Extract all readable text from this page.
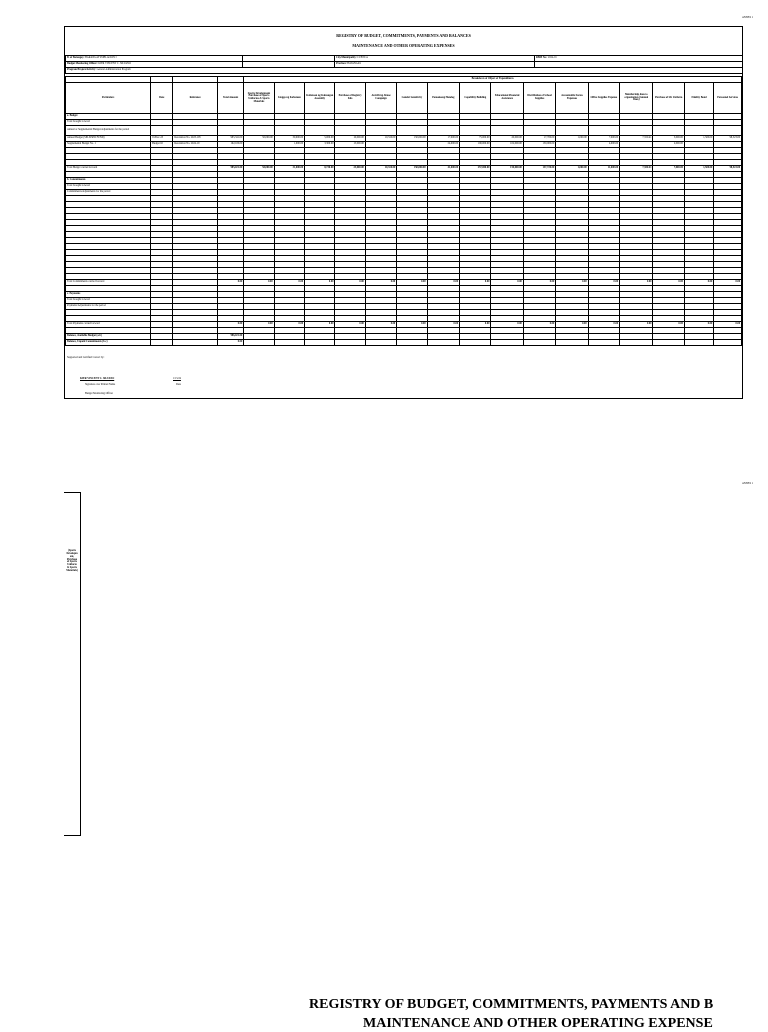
ANNEX 1
REGISTRY OF BUDGET, COMMITMENTS, PAYMENTS AND BALANCES
MAINTENANCE AND OTHER OPERATING EXPENSES
B. of Barangay: BARANGAY POBLACION I		City/Municipality: CUENCA	RBM No.: 2024-01
Budget Monitoring Officer: KIER VINCENT C. SILVANO		Province: BATANGAS	
Program/Project/Activity: General Administration Program			
				Breakdown of Object of Expenditures															
Particulars	Date	Reference	Total Amount	Sports Development Purchase of Sports Uniforms & Sports Materials	Linggo ng Kabataan	Kabataan ng Kalusugan Assembly	Purchase of Registry Kits	Anti-Drug Abuse Campaign	Gender Sensitivity	Pamaskong Handog	Capability Building	Educational Financial Assistance	Distribution of School Supplies	Accountable Forms Expenses	Office Supplies Expense	Membership dues to organization (Annual Dues)	Purchase of SK Uniform	Fidelity Bond	Personnel Services
a. Budget																			
Total brought forward																			
Annual or Supplemental Budget/Adjustments for the period																			
Annual Budget (SPLISSED FUND)	01/Dec-23	Resolution No. 2023-195	985,341.00	50,000.00	30,000.00	5,000.00	10,000.00	10,310.00	150,000.00	17,000.00	75,000.00	20,000.00	17,700.00	1,000.00	7,000.00	7,550.41	5,000.00	1,500.00	98,523.00
Supplemental Budget No. 1	Budget 02	Resolution No. 2024-19	192,100.00		1,000.00	3,300.00	15,000.00			24,000.00	100,000.00	102,000.00	150,000.00		4,000.00		2,000.00		

Total Budget carried forward			985,021.00	50,000.00	31,000.00	8,730.00	25,000.00	10,310.00	150,000.00	41,000.00	257,000.00	150,000.00	137,720.00	1,000.00	11,000.00	7,550.41	7,000.00	1,500.00	98,523.00

b. Commitments																			
Total brought forward																			
Commitments/Adjustments for the period																			

Total Commitments carried forward			0.00	0.00	0.00	0.00	0.00	0.00	0.00	0.00	0.00	0.00	0.00	0.00	0.00	0.00	0.00	0.00	0.00

c. Payments																			
Total brought forward																			
Payments/Adjustments for the period																			

Total Payments carried forward			0.00	0.00	0.00	0.00	0.00	0.00	0.00	0.00	0.00	0.00	0.00	0.00	0.00	0.00	0.00	0.00	0.00

Balance, Available Budget (a-b)			986,021.00																
Balance, Unpaid Commitments (b-c)			0.00																
Supported and Certified Correct by:
KIER VINCENT C. SILVANO
Signature over Printed Name
Budget Monitoring Officer
1/15/24
Date
ANNEX 1
(Sports Developm ent, Purchase of Sports Uniform & Sports Materials)
REGISTRY OF BUDGET, COMMITMENTS, PAYMENTS AND B
MAINTENANCE AND OTHER OPERATING EXPENSE
